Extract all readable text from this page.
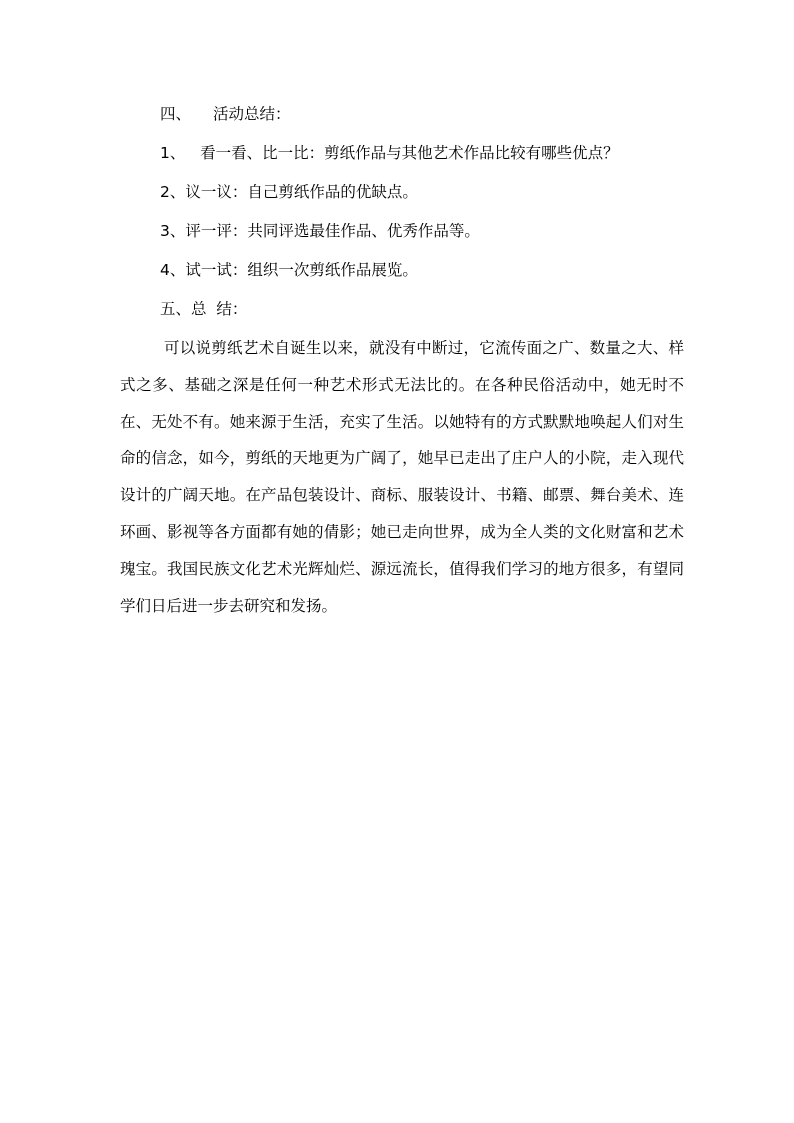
四、 活动总结：
1、 看一看、比一比：剪纸作品与其他艺术作品比较有哪些优点？
2、议一议：自己剪纸作品的优缺点。
3、评一评：共同评选最佳作品、优秀作品等。
4、试一试：组织一次剪纸作品展览。
五、总  结：

可以说剪纸艺术自诞生以来，就没有中断过，它流传面之广、数量之大、样式之多、基础之深是任何一种艺术形式无法比的。在各种民俗活动中，她无时不在、无处不有。她来源于生活，充实了生活。以她特有的方式默默地唤起人们对生命的信念，如今，剪纸的天地更为广阔了，她早已走出了庄户人的小院，走入现代设计的广阔天地。在产品包装设计、商标、服装设计、书籍、邮票、舞台美术、连环画、影视等各方面都有她的倩影；她已走向世界，成为全人类的文化财富和艺术瑰宝。我国民族文化艺术光辉灿烂、源远流长，值得我们学习的地方很多，有望同学们日后进一步去研究和发扬。
